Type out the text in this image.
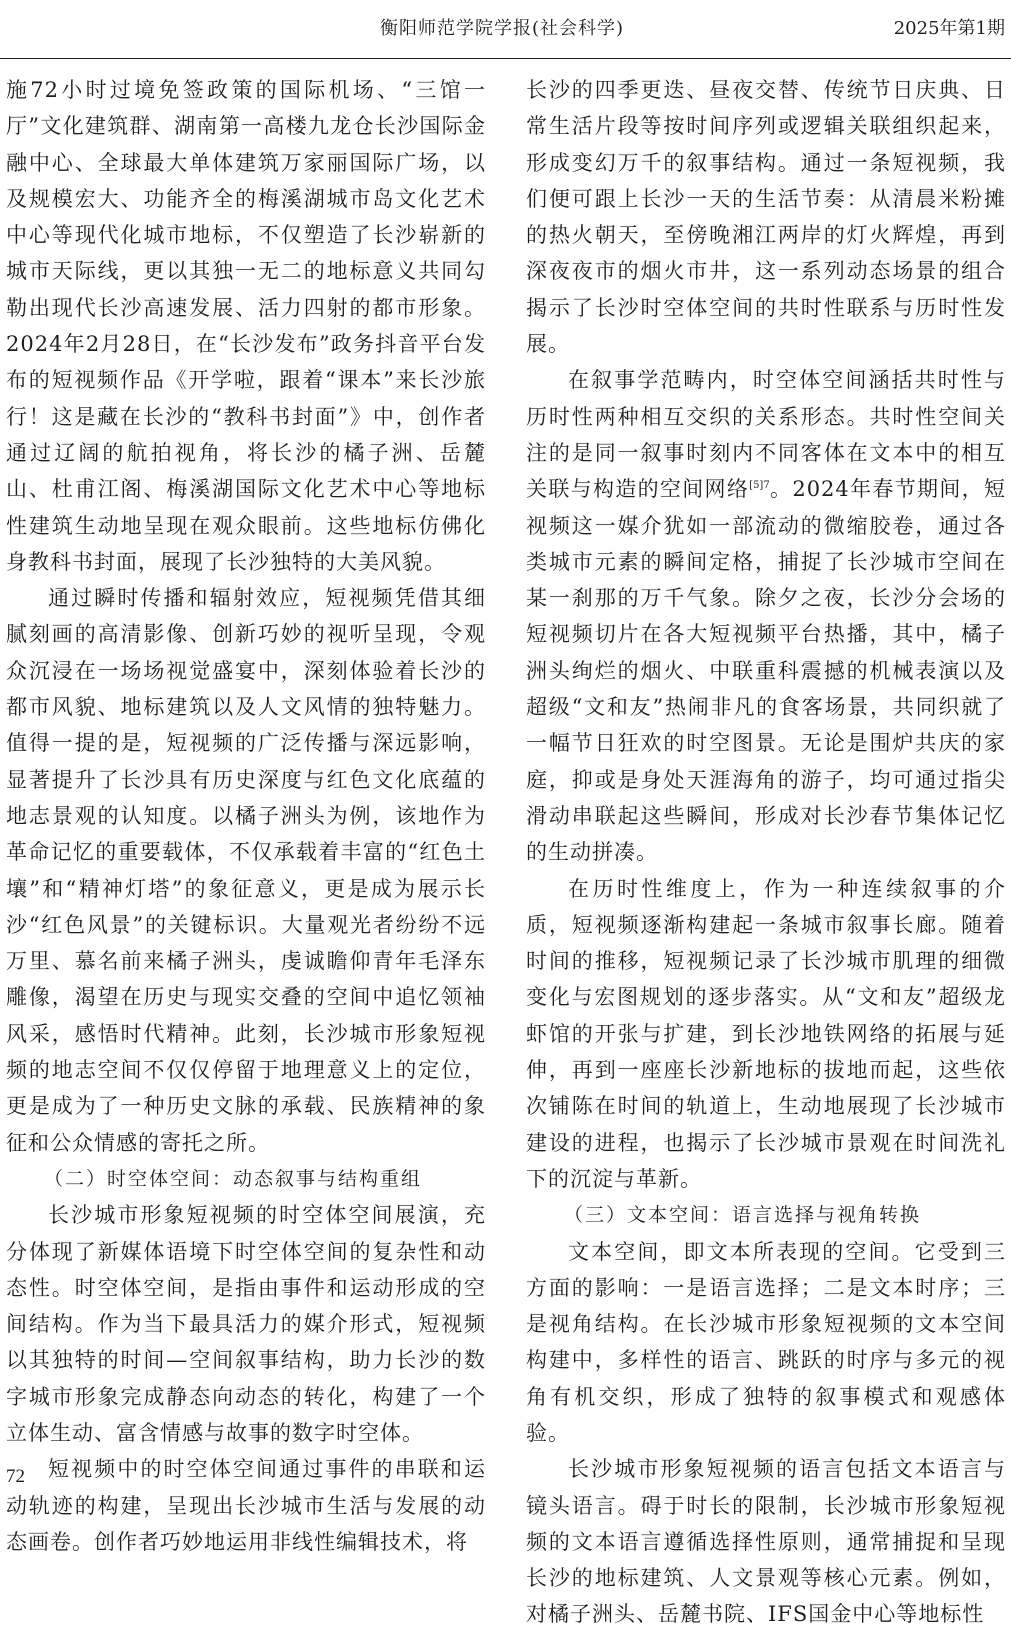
衡阳师范学院学报(社会科学)	2025年第1期

施72小时过境免签政策的国际机场、“三馆一厅”文化建筑群、湖南第一高楼九龙仓长沙国际金融中心、全球最大单体建筑万家丽国际广场，以及规模宏大、功能齐全的梅溪湖城市岛文化艺术中心等现代化城市地标，不仅塑造了长沙崭新的城市天际线，更以其独一无二的地标意义共同勾勒出现代长沙高速发展、活力四射的都市形象。2024年2月28日，在“长沙发布”政务抖音平台发布的短视频作品《开学啦，跟着“课本”来长沙旅行！这是藏在长沙的“教科书封面”》中，创作者通过辽阔的航拍视角，将长沙的橘子洲、岳麓山、杜甫江阁、梅溪湖国际文化艺术中心等地标性建筑生动地呈现在观众眼前。这些地标仿佛化身教科书封面，展现了长沙独特的大美风貌。

通过瞬时传播和辐射效应，短视频凭借其细腻刻画的高清影像、创新巧妙的视听呈现，令观众沉浸在一场场视觉盛宴中，深刻体验着长沙的都市风貌、地标建筑以及人文风情的独特魅力。值得一提的是，短视频的广泛传播与深远影响，显著提升了长沙具有历史深度与红色文化底蕴的地志景观的认知度。以橘子洲头为例，该地作为革命记忆的重要载体，不仅承载着丰富的“红色土壤”和“精神灯塔”的象征意义，更是成为展示长沙“红色风景”的关键标识。大量观光者纷纷不远万里、慕名前来橘子洲头，虔诚瞻仰青年毛泽东雕像，渴望在历史与现实交叠的空间中追忆领袖风采，感悟时代精神。此刻，长沙城市形象短视频的地志空间不仅仅停留于地理意义上的定位，更是成为了一种历史文脉的承载、民族精神的象征和公众情感的寄托之所。

（二）时空体空间：动态叙事与结构重组

长沙城市形象短视频的时空体空间展演，充分体现了新媒体语境下时空体空间的复杂性和动态性。时空体空间，是指由事件和运动形成的空间结构。作为当下最具活力的媒介形式，短视频以其独特的时间—空间叙事结构，助力长沙的数字城市形象完成静态向动态的转化，构建了一个立体生动、富含情感与故事的数字时空体。

短视频中的时空体空间通过事件的串联和运动轨迹的构建，呈现出长沙城市生活与发展的动态画卷。创作者巧妙地运用非线性编辑技术，将

长沙的四季更迭、昼夜交替、传统节日庆典、日常生活片段等按时间序列或逻辑关联组织起来，形成变幻万千的叙事结构。通过一条短视频，我们便可跟上长沙一天的生活节奏：从清晨米粉摊的热火朝天，至傍晚湘江两岸的灯火辉煌，再到深夜夜市的烟火市井，这一系列动态场景的组合揭示了长沙时空体空间的共时性联系与历时性发展。

在叙事学范畴内，时空体空间涵括共时性与历时性两种相互交织的关系形态。共时性空间关注的是同一叙事时刻内不同客体在文本中的相互关联与构造的空间网络$^{[5]7}$。2024年春节期间，短视频这一媒介犹如一部流动的微缩胶卷，通过各类城市元素的瞬间定格，捕捉了长沙城市空间在某一刹那的万千气象。除夕之夜，长沙分会场的短视频切片在各大短视频平台热播，其中，橘子洲头绚烂的烟火、中联重科震撼的机械表演以及超级“文和友”热闹非凡的食客场景，共同织就了一幅节日狂欢的时空图景。无论是围炉共庆的家庭，抑或是身处天涯海角的游子，均可通过指尖滑动串联起这些瞬间，形成对长沙春节集体记忆的生动拼凑。

在历时性维度上，作为一种连续叙事的介质，短视频逐渐构建起一条城市叙事长廊。随着时间的推移，短视频记录了长沙城市肌理的细微变化与宏图规划的逐步落实。从“文和友”超级龙虾馆的开张与扩建，到长沙地铁网络的拓展与延伸，再到一座座长沙新地标的拔地而起，这些依次铺陈在时间的轨道上，生动地展现了长沙城市建设的进程，也揭示了长沙城市景观在时间洗礼下的沉淀与革新。

（三）文本空间：语言选择与视角转换

文本空间，即文本所表现的空间。它受到三方面的影响：一是语言选择；二是文本时序；三是视角结构。在长沙城市形象短视频的文本空间构建中，多样性的语言、跳跃的时序与多元的视角有机交织，形成了独特的叙事模式和观感体验。

长沙城市形象短视频的语言包括文本语言与镜头语言。碍于时长的限制，长沙城市形象短视频的文本语言遵循选择性原则，通常捕捉和呈现长沙的地标建筑、人文景观等核心元素。例如，对橘子洲头、岳麓书院、IFS国金中心等地标性

72
